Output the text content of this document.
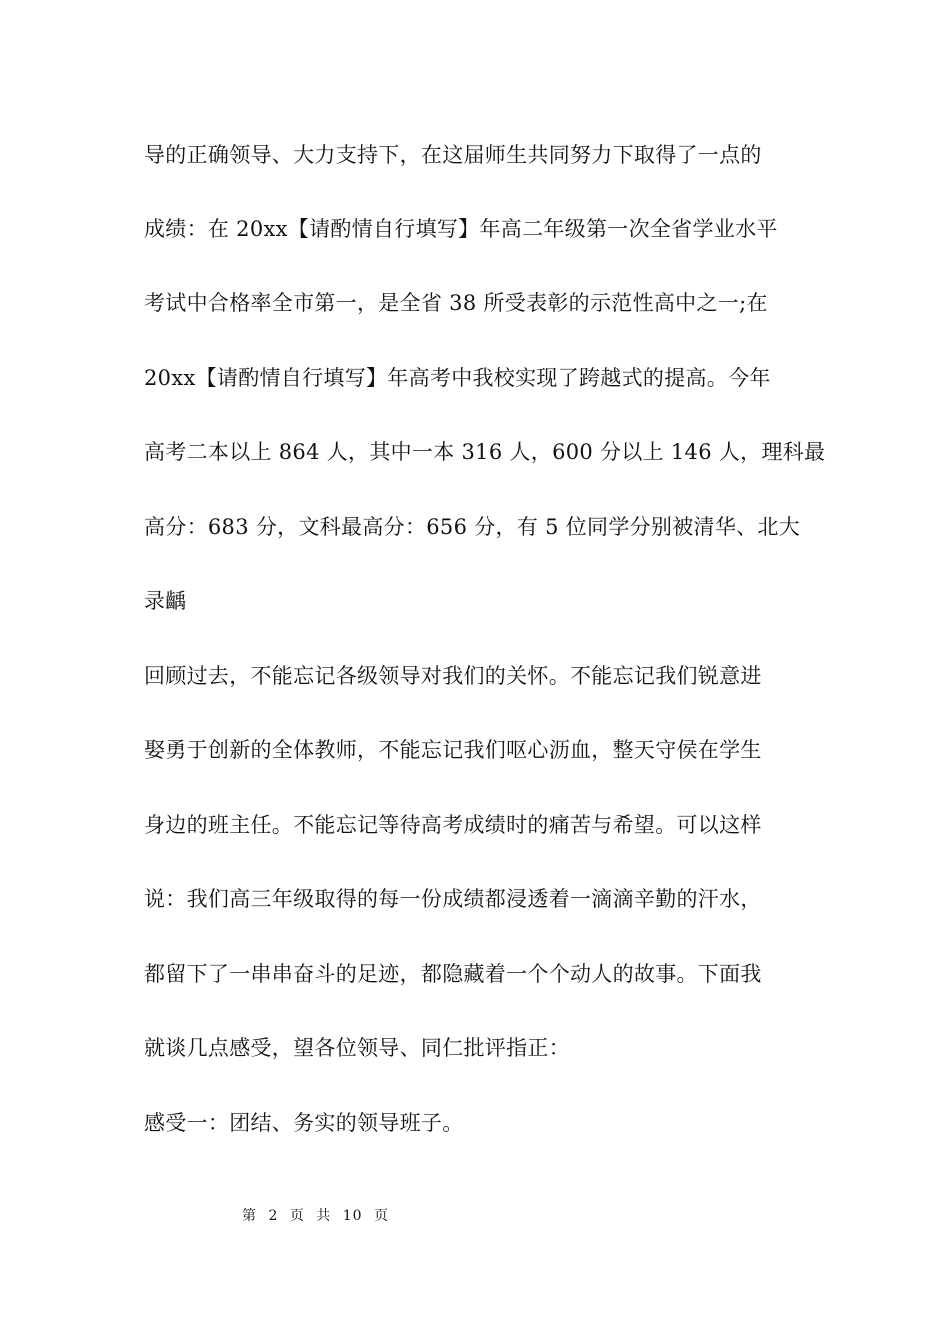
导的正确领导、大力支持下，在这届师生共同努力下取得了一点的
成绩：在 20xx【请酌情自行填写】年高二年级第一次全省学业水平
考试中合格率全市第一，是全省 38 所受表彰的示范性高中之一;在
20xx【请酌情自行填写】年高考中我校实现了跨越式的提高。今年
高考二本以上 864 人，其中一本 316 人，600 分以上 146 人，理科最
高分：683 分，文科最高分：656 分，有 5 位同学分别被清华、北大
录齲
回顾过去，不能忘记各级领导对我们的关怀。不能忘记我们锐意进
娶勇于创新的全体教师，不能忘记我们呕心沥血，整天守侯在学生
身边的班主任。不能忘记等待高考成绩时的痛苦与希望。可以这样
说：我们高三年级取得的每一份成绩都浸透着一滴滴辛勤的汗水，
都留下了一串串奋斗的足迹，都隐藏着一个个动人的故事。下面我
就谈几点感受，望各位领导、同仁批评指正：
感受一：团结、务实的领导班子。
第 2 页 共 10 页
